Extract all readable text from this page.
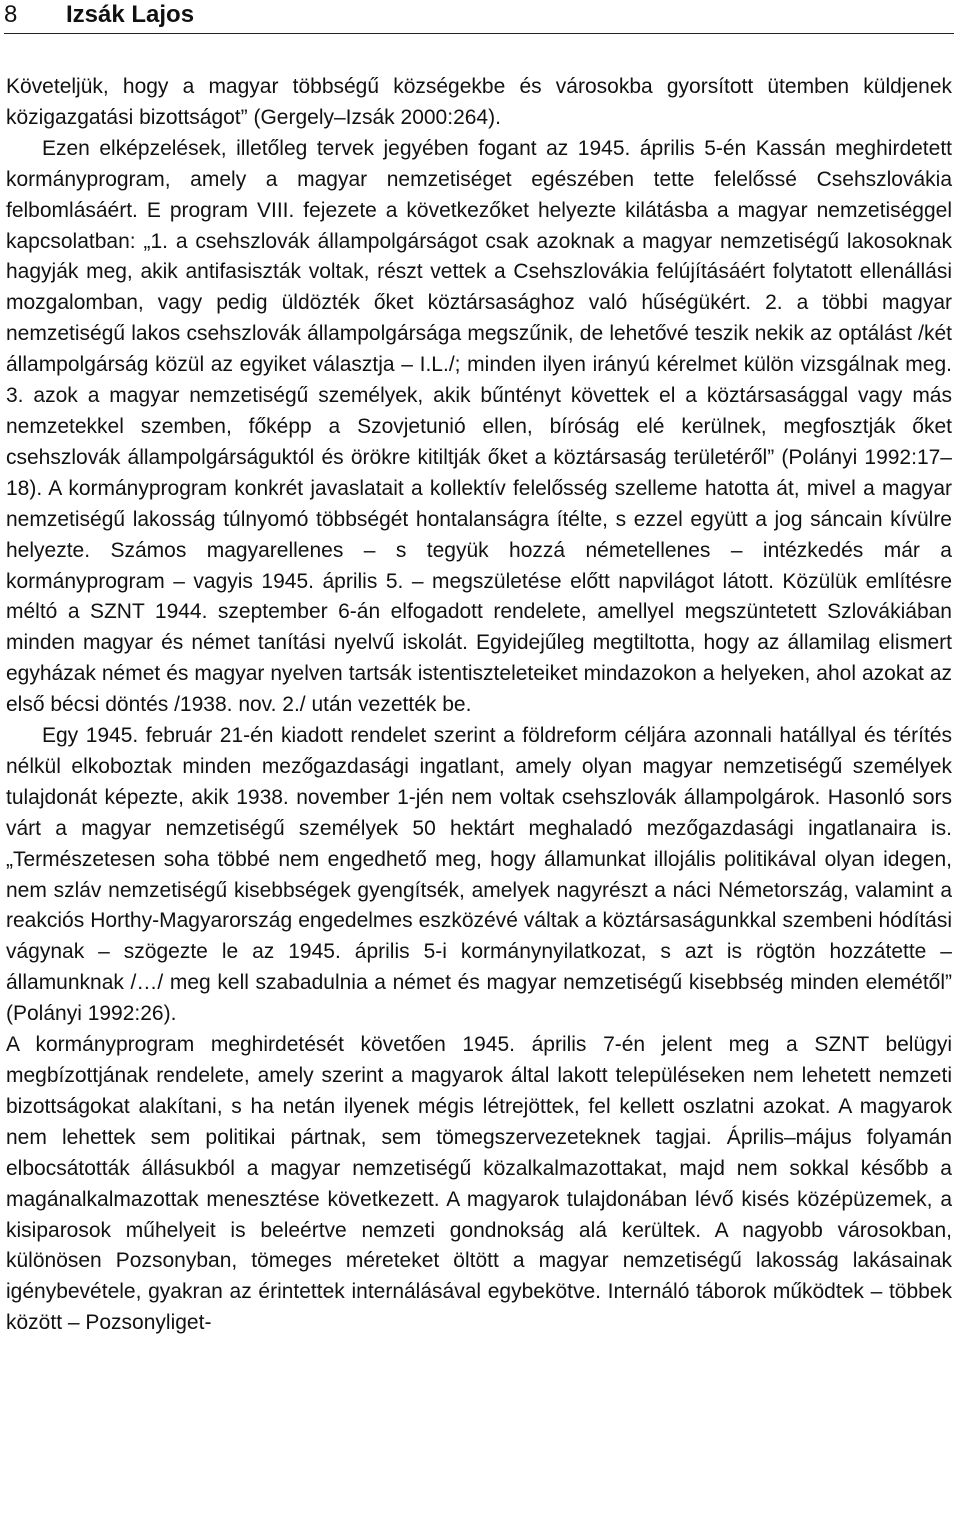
8 Izsák Lajos

Követeljük, hogy a magyar többségű községekbe és városokba gyorsított ütemben küldjenek közigazgatási bizottságot” (Gergely–Izsák 2000:264).

Ezen elképzelések, illetőleg tervek jegyében fogant az 1945. április 5-én Kassán meghirdetett kormányprogram, amely a magyar nemzetiséget egészében tette felelőssé Csehszlovákia felbomlásáért. E program VIII. fejezete a következőket helyezte kilátásba a magyar nemzetiséggel kapcsolatban: „1. a csehszlovák állampolgárságot csak azoknak a magyar nemzetiségű lakosoknak hagyják meg, akik antifasiszták voltak, részt vettek a Csehszlovákia felújításáért folytatott ellenállási mozgalomban, vagy pedig üldözték őket köztársasághoz való hűségükért. 2. a többi magyar nemzetiségű lakos csehszlovák állampolgársága megszűnik, de lehetővé teszik nekik az optálást /két állampolgárság közül az egyiket választja – I.L./; minden ilyen irányú kérelmet külön vizsgálnak meg. 3. azok a magyar nemzetiségű személyek, akik bűntényt követtek el a köztársasággal vagy más nemzetekkel szemben, főképp a Szovjetunió ellen, bíróság elé kerülnek, megfosztják őket csehszlovák állampolgárságuktól és örökre kitiltják őket a köztársaság területéről” (Polányi 1992:17–18). A kormányprogram konkrét javaslatait a kollektív felelősség szelleme hatotta át, mivel a magyar nemzetiségű lakosság túlnyomó többségét hontalanságra ítélte, s ezzel együtt a jog sáncain kívülre helyezte. Számos magyarellenes – s tegyük hozzá németellenes – intézkedés már a kormányprogram – vagyis 1945. április 5. – megszületése előtt napvilágot látott. Közülük említésre méltó a SZNT 1944. szeptember 6-án elfogadott rendelete, amellyel megszüntetett Szlovákiában minden magyar és német tanítási nyelvű iskolát. Egyidejűleg megtiltotta, hogy az államilag elismert egyházak német és magyar nyelven tartsák istentiszteleteiket mindazokon a helyeken, ahol azokat az első bécsi döntés /1938. nov. 2./ után vezették be.

Egy 1945. február 21-én kiadott rendelet szerint a földreform céljára azonnali hatállyal és térítés nélkül elkoboztak minden mezőgazdasági ingatlant, amely olyan magyar nemzetiségű személyek tulajdonát képezte, akik 1938. november 1-jén nem voltak csehszlovák állampolgárok. Hasonló sors várt a magyar nemzetiségű személyek 50 hektárt meghaladó mezőgazdasági ingatlanaira is. „Természetesen soha többé nem engedhető meg, hogy államunkat illojális politikával olyan idegen, nem szláv nemzetiségű kisebbségek gyengítsék, amelyek nagyrészt a náci Németország, valamint a reakciós Horthy-Magyarország engedelmes eszközévé váltak a köztársaságunkkal szembeni hódítási vágynak – szögezte le az 1945. április 5-i kormánynyilatkozat, s azt is rögtön hozzátette – államunknak /…/ meg kell szabadulnia a német és magyar nemzetiségű kisebbség minden elemétől” (Polányi 1992:26).

A kormányprogram meghirdetését követően 1945. április 7-én jelent meg a SZNT belügyi megbízottjának rendelete, amely szerint a magyarok által lakott településeken nem lehetett nemzeti bizottságokat alakítani, s ha netán ilyenek mégis létrejöttek, fel kellett oszlatni azokat. A magyarok nem lehettek sem politikai pártnak, sem tömegszervezeteknek tagjai. Április–május folyamán elbocsátották állásukból a magyar nemzetiségű közalkalmazottakat, majd nem sokkal később a magánalkalmazottak menesztése következett. A magyarok tulajdonában lévő kisés középüzemek, a kisiparosok műhelyeit is beleértve nemzeti gondnokság alá kerültek. A nagyobb városokban, különösen Pozsonyban, tömeges méreteket öltött a magyar nemzetiségű lakosság lakásainak igénybevétele, gyakran az érintettek internálásával egybekötve. Internáló táborok működtek – többek között – Pozsonyliget-
